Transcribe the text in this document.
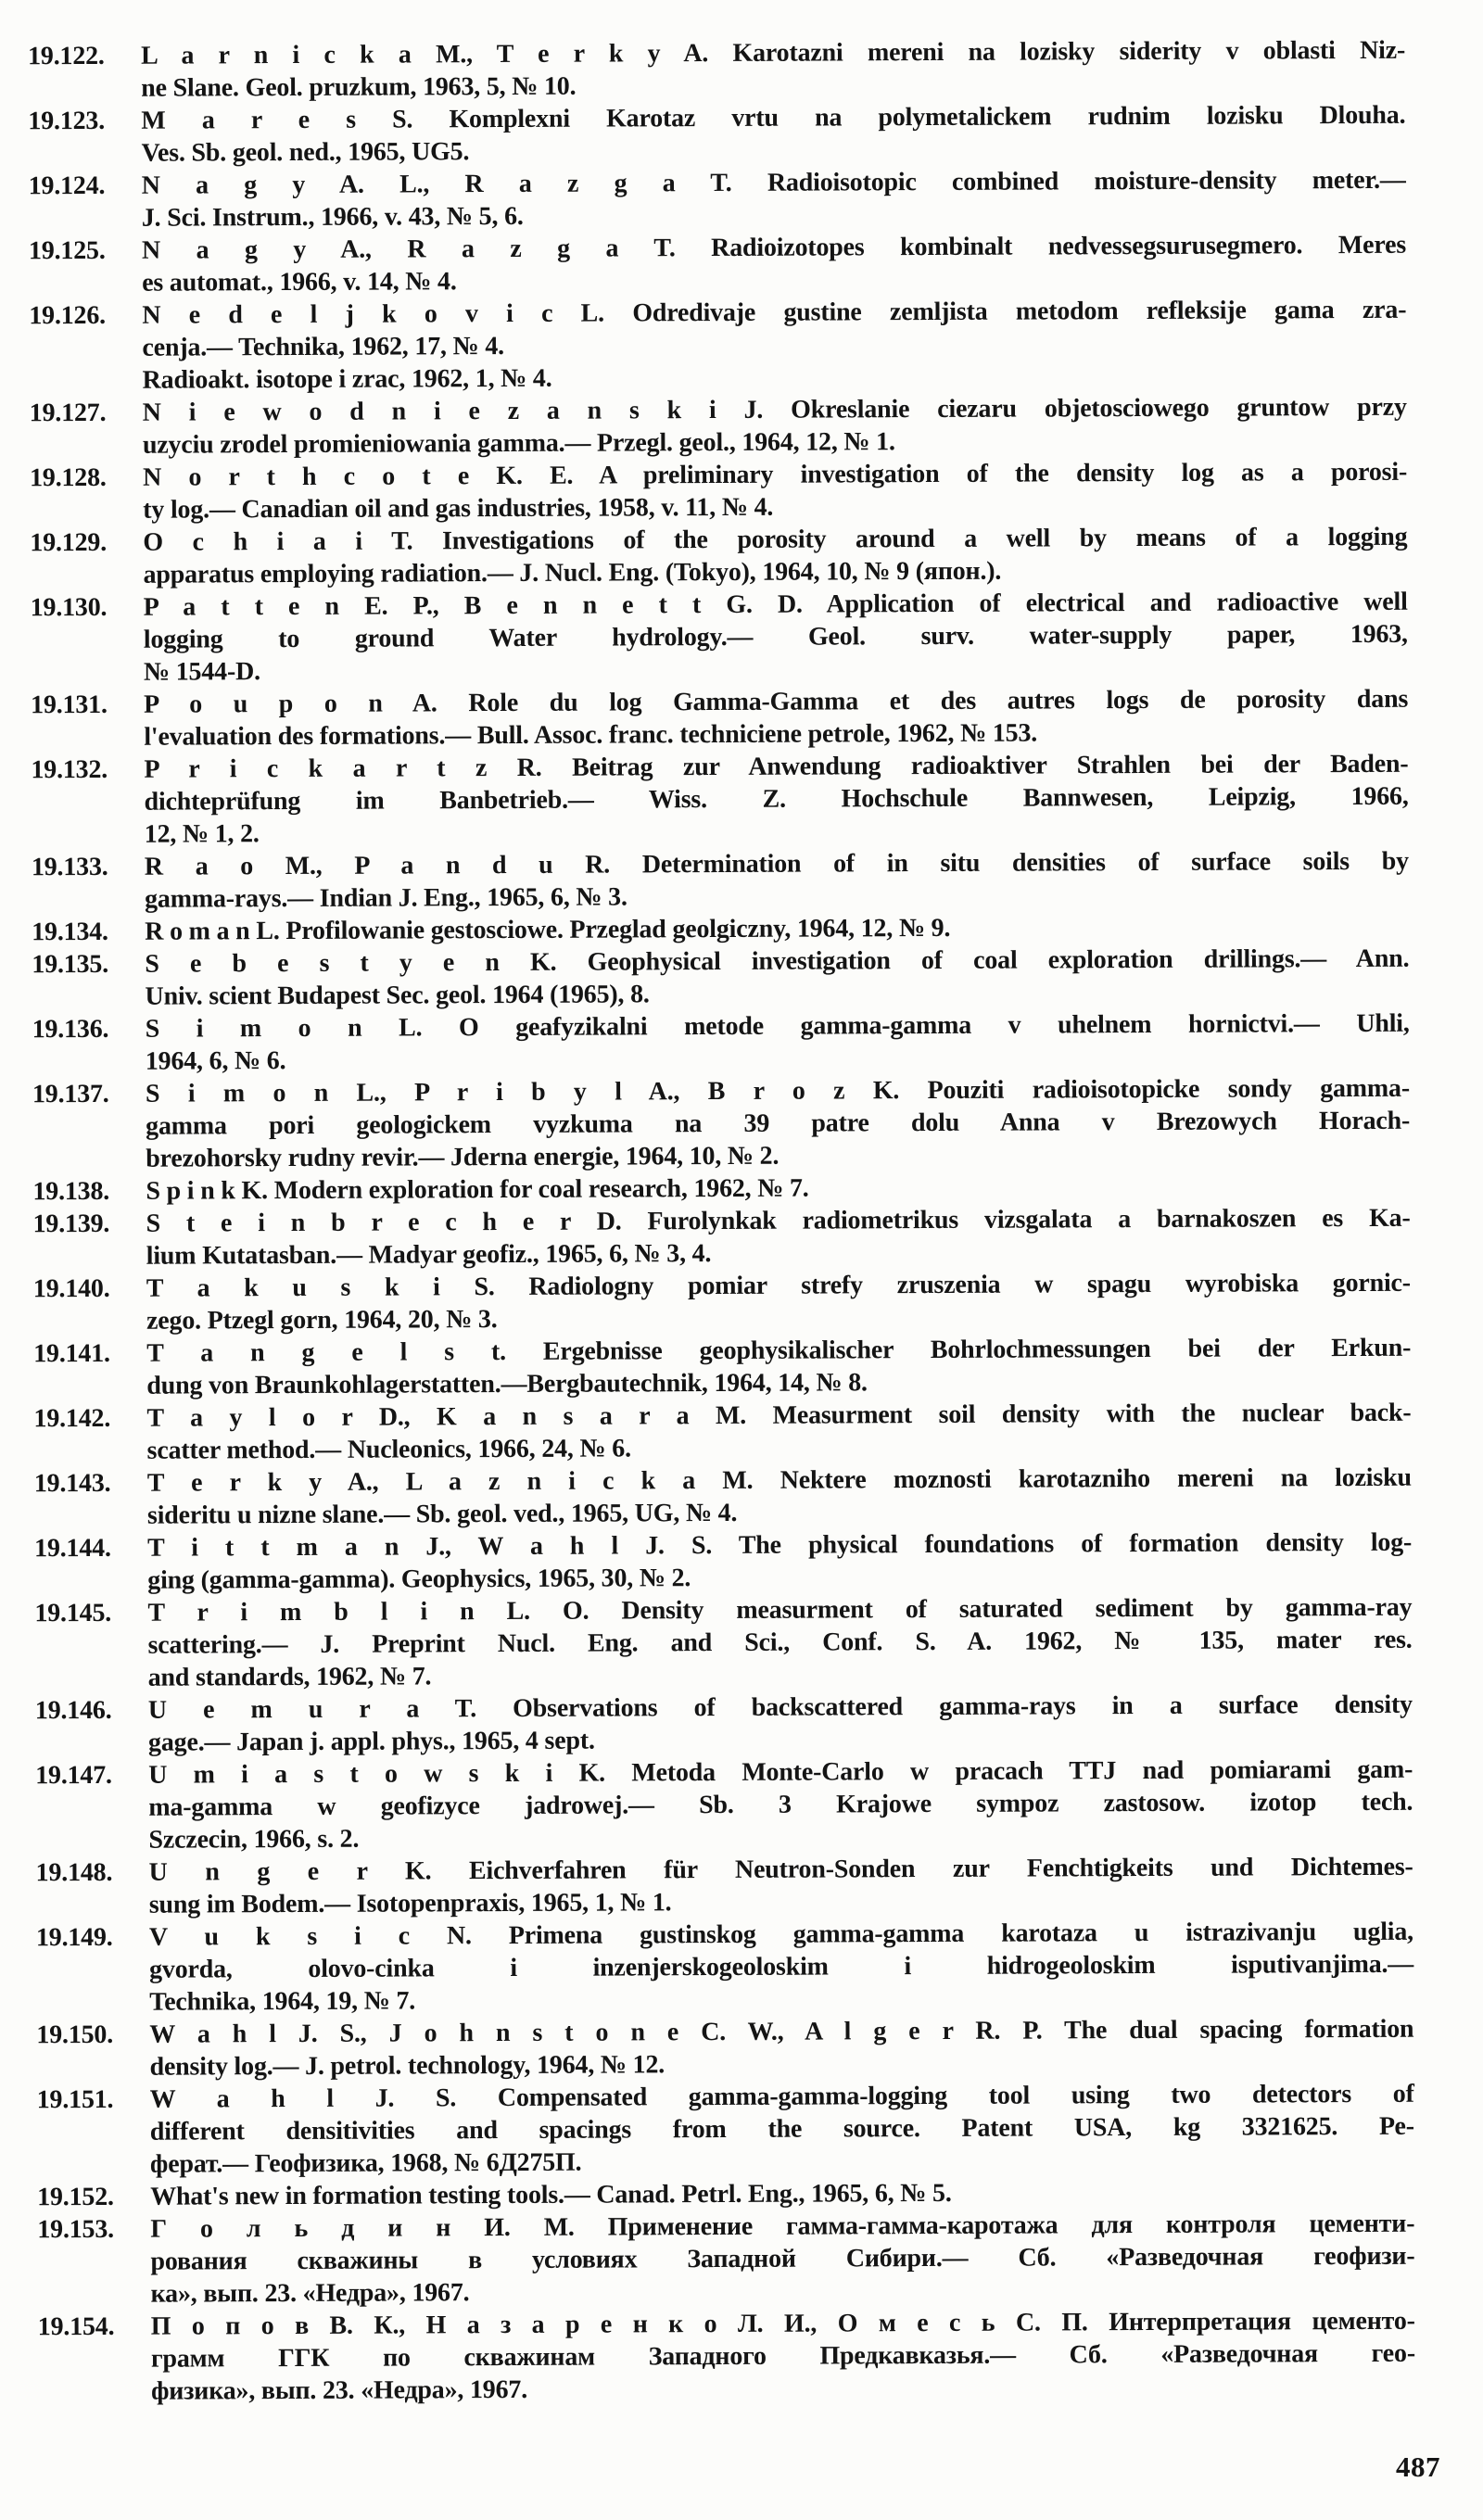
19.122.	L a r n i c k a M., T e r k y A. Karotazni mereni na lozisky siderity v oblasti Niz-
ne Slane. Geol. pruzkum, 1963, 5, № 10.
19.123.	M a r e s S. Komplexni Karotaz vrtu na polymetalickem rudnim lozisku Dlouha.
Ves. Sb. geol. ned., 1965, UG5.
19.124.	N a g y A. L., R a z g a T. Radioisotopic combined moisture-density meter.—
J. Sci. Instrum., 1966, v. 43, № 5, 6.
19.125.	N a g y A., R a z g a T. Radioizotopes kombinalt nedvessegsurusegmero. Meres
es automat., 1966, v. 14, № 4.
19.126.	N e d e l j k o v i c L. Odredivaje gustine zemljista metodom refleksije gama zra-
cenja.— Technika, 1962, 17, № 4.
Radioakt. isotope i zrac, 1962, 1, № 4.
19.127.	N i e w o d n i e z a n s k i J. Okreslanie ciezaru objetosciowego gruntow przy
uzyciu zrodel promieniowania gamma.— Przegl. geol., 1964, 12, № 1.
19.128.	N o r t h c o t e K. E. A preliminary investigation of the density log as a porosi-
ty log.— Canadian oil and gas industries, 1958, v. 11, № 4.
19.129.	O c h i a i T. Investigations of the porosity around a well by means of a logging
apparatus employing radiation.— J. Nucl. Eng. (Tokyo), 1964, 10, № 9 (япон.).
19.130.	P a t t e n E. P., B e n n e t t G. D. Application of electrical and radioactive well
logging to ground Water hydrology.— Geol. surv. water-supply paper, 1963,
№ 1544-D.
19.131.	P o u p o n A. Role du log Gamma-Gamma et des autres logs de porosity dans
l'evaluation des formations.— Bull. Assoc. franc. techniciene petrole, 1962, № 153.
19.132.	P r i c k a r t z R. Beitrag zur Anwendung radioaktiver Strahlen bei der Baden-
dichteprüfung im Banbetrieb.— Wiss. Z. Hochschule Bannwesen, Leipzig, 1966,
12, № 1, 2.
19.133.	R a o M., P a n d u R. Determination of in situ densities of surface soils by
gamma-rays.— Indian J. Eng., 1965, 6, № 3.
19.134.	R o m a n L. Profilowanie gestosciowe. Przeglad geolgiczny, 1964, 12, № 9.
19.135.	S e b e s t y e n K. Geophysical investigation of coal exploration drillings.— Ann.
Univ. scient Budapest Sec. geol. 1964 (1965), 8.
19.136.	S i m o n L. O geafyzikalni metode gamma-gamma v uhelnem hornictvi.— Uhli,
1964, 6, № 6.
19.137.	S i m o n L., P r i b y l A., B r o z K. Pouziti radioisotopicke sondy gamma-
gamma pori geologickem vyzkuma na 39 patre dolu Anna v Brezowych Horach-
brezohorsky rudny revir.— Jderna energie, 1964, 10, № 2.
19.138.	S p i n k K. Modern exploration for coal research, 1962, № 7.
19.139.	S t e i n b r e c h e r D. Furolynkak radiometrikus vizsgalata a barnakoszen es Ka-
lium Kutatasban.— Madyar geofiz., 1965, 6, № 3, 4.
19.140.	T a k u s k i S. Radiologny pomiar strefy zruszenia w spagu wyrobiska gornic-
zego. Ptzegl gorn, 1964, 20, № 3.
19.141.	T a n g e l s t. Ergebnisse geophysikalischer Bohrlochmessungen bei der Erkun-
dung von Braunkohlagerstatten.—Bergbautechnik, 1964, 14, № 8.
19.142.	T a y l o r D., K a n s a r a M. Measurment soil density with the nuclear back-
scatter method.— Nucleonics, 1966, 24, № 6.
19.143.	T e r k y A., L a z n i c k a M. Nektere moznosti karotazniho mereni na lozisku
sideritu u nizne slane.— Sb. geol. ved., 1965, UG, № 4.
19.144.	T i t t m a n J., W a h l J. S. The physical foundations of formation density log-
ging (gamma-gamma). Geophysics, 1965, 30, № 2.
19.145.	T r i m b l i n L. O. Density measurment of saturated sediment by gamma-ray
scattering.— J. Preprint Nucl. Eng. and Sci., Conf. S. A. 1962, № 135, mater res.
and standards, 1962, № 7.
19.146.	U e m u r a T. Observations of backscattered gamma-rays in a surface density
gage.— Japan j. appl. phys., 1965, 4 sept.
19.147.	U m i a s t o w s k i K. Metoda Monte-Carlo w pracach TTJ nad pomiarami gam-
ma-gamma w geofizyce jadrowej.— Sb. 3 Krajowe sympoz zastosow. izotop tech.
Szczecin, 1966, s. 2.
19.148.	U n g e r K. Eichverfahren für Neutron-Sonden zur Fenchtigkeits und Dichtemes-
sung im Bodem.— Isotopenpraxis, 1965, 1, № 1.
19.149.	V u k s i c N. Primena gustinskog gamma-gamma karotaza u istrazivanju uglia,
gvorda, olovo-cinka i inzenjerskogeoloskim i hidrogeoloskim isputivanjima.—
Technika, 1964, 19, № 7.
19.150.	W a h l J. S., J o h n s t o n e C. W., A l g e r R. P. The dual spacing formation
density log.— J. petrol. technology, 1964, № 12.
19.151.	W a h l J. S. Compensated gamma-gamma-logging tool using two detectors of
different densitivities and spacings from the source. Patent USA, kg 3321625. Ре-
ферат.— Геофизика, 1968, № 6Д275П.
19.152.	What's new in formation testing tools.— Canad. Petrl. Eng., 1965, 6, № 5.
19.153.	Г о л ь д и н И. М. Применение гамма-гамма-каротажа для контроля цементи-
рования скважины в условиях Западной Сибири.— Сб. «Разведочная геофизи-
ка», вып. 23. «Недра», 1967.
19.154.	П о п о в В. К., Н а з а р е н к о Л. И., О м е с ь С. П. Интерпретация цементо-
грамм ГГК по скважинам Западного Предкавказья.— Сб. «Разведочная гео-
физика», вып. 23. «Недра», 1967.
487
